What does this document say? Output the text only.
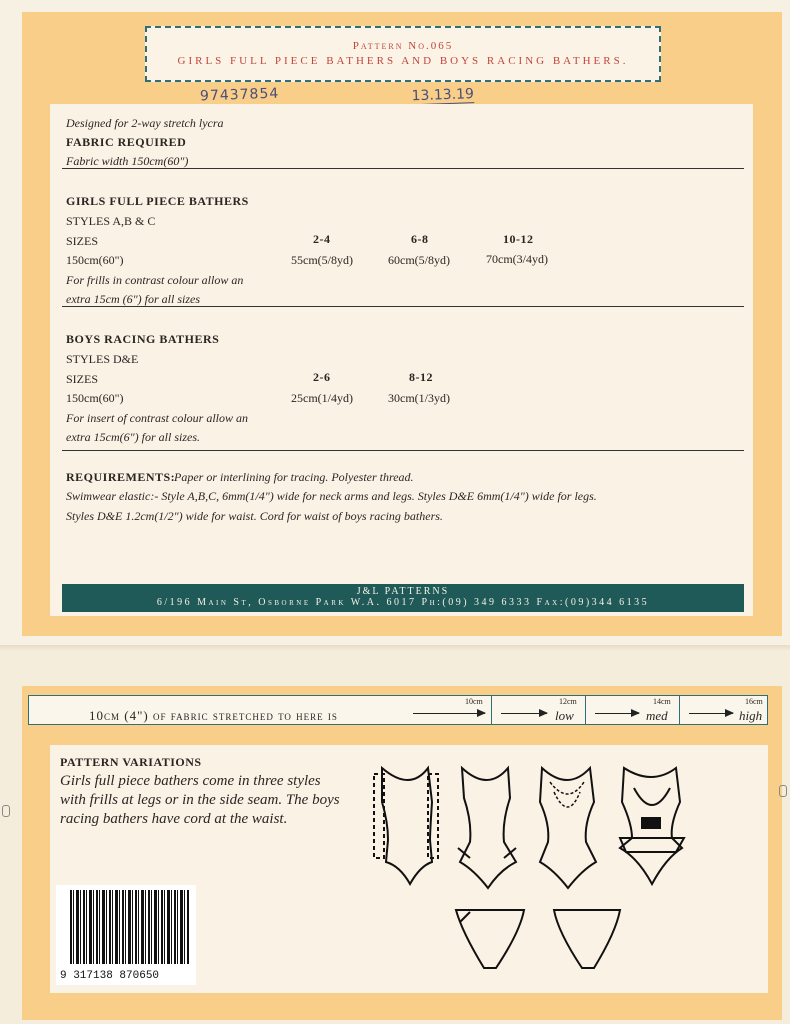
Pattern No.065
GIRLS FULL PIECE BATHERS AND BOYS RACING BATHERS.
97437854	13.13.19
Designed for 2-way stretch lycra
FABRIC REQUIRED
Fabric width 150cm(60")
GIRLS FULL PIECE BATHERS
STYLES A,B & C
SIZES	2-4	6-8	10-12
150cm(60")	55cm(5/8yd)	60cm(5/8yd)	70cm(3/4yd)
For frills in contrast colour allow an
extra 15cm (6") for all sizes
BOYS RACING BATHERS
STYLES D&E
SIZES	2-6	8-12
150cm(60")	25cm(1/4yd)	30cm(1/3yd)
For insert of contrast colour allow an
extra 15cm(6") for all sizes.
REQUIREMENTS:
Paper or interlining for tracing. Polyester thread.
Swimwear elastic:- Style A,B,C, 6mm(1/4") wide for neck arms and legs. Styles D&E 6mm(1/4") wide for legs.
Styles D&E 1.2cm(1/2") wide for waist. Cord for waist of boys racing bathers.
J&L PATTERNS
6/196 Main St, Osborne Park W.A. 6017 Ph:(09) 349 6333 Fax:(09)344 6135
10cm (4") of fabric stretched to here is
10cm	12cm	14cm	16cm
low	med	high
PATTERN VARIATIONS
Girls full piece bathers come in three styles with frills at legs or in the side seam. The boys racing bathers have cord at the waist.
9 317138 870650
